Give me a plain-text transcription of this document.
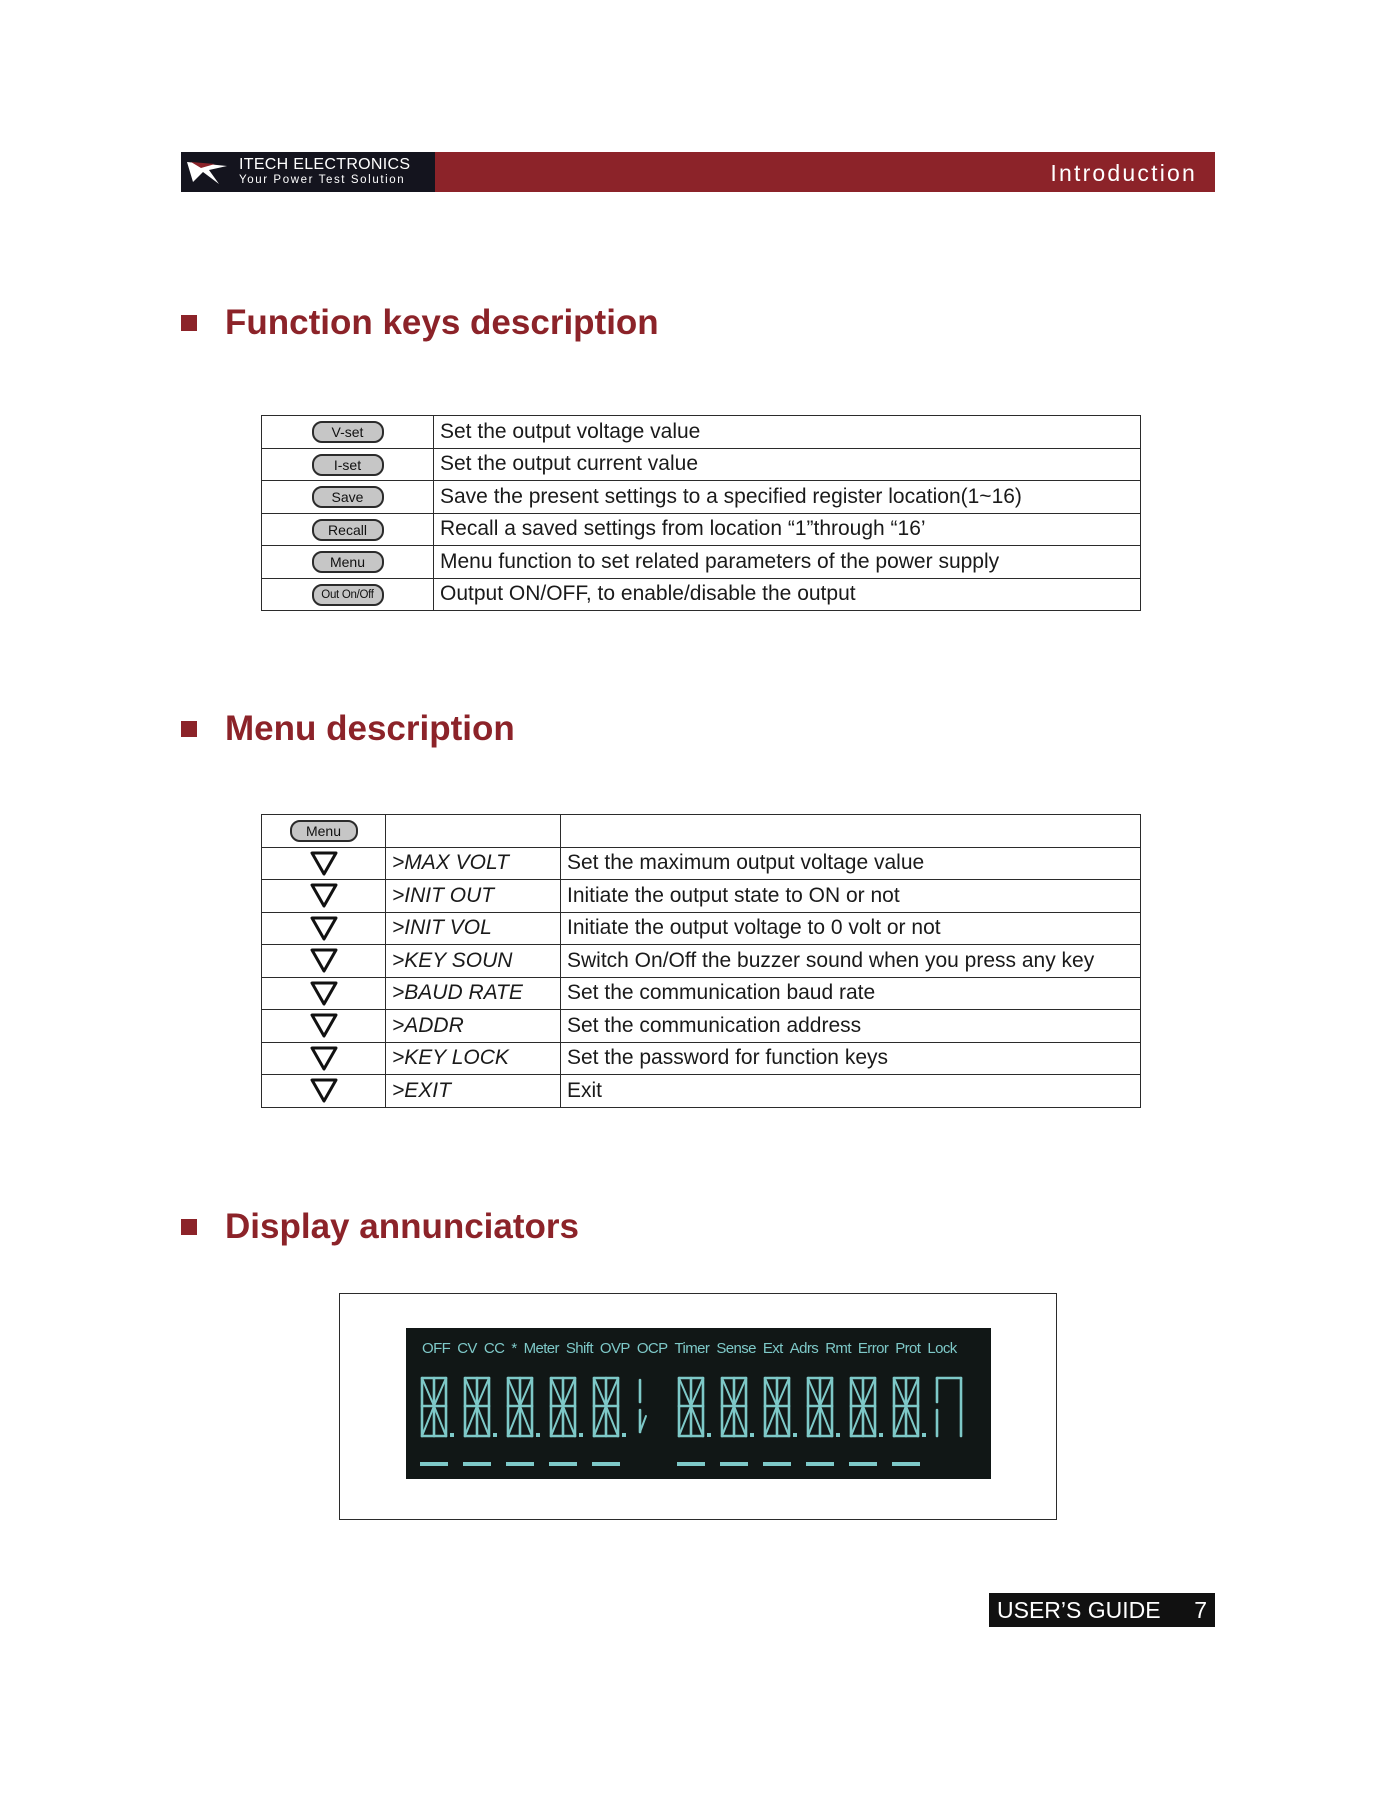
ITECH ELECTRONICS
Your Power Test Solution	Introduction
Function keys description
V-set	Set the output voltage value
I-set	Set the output current value
Save	Save the present settings to a specified register location(1~16)
Recall	Recall a saved settings from location “1”through “16’
Menu	Menu function to set related parameters of the power supply
Out On/Off	Output ON/OFF, to enable/disable the output
Menu description
Menu		

	>MAX VOLT	Set the maximum output voltage value

	>INIT OUT	Initiate the output state to ON or not

	>INIT VOL	Initiate the output voltage to 0 volt or not

	>KEY SOUN	Switch On/Off the buzzer sound when you press any key

	>BAUD RATE	Set the communication baud rate

	>ADDR	Set the communication address

	>KEY LOCK	Set the password for function keys

	>EXIT	Exit
Display annunciators
OFF CV CC * Meter Shift OVP OCP Timer Sense Ext Adrs Rmt Error Prot Lock
USER’S GUIDE 7
